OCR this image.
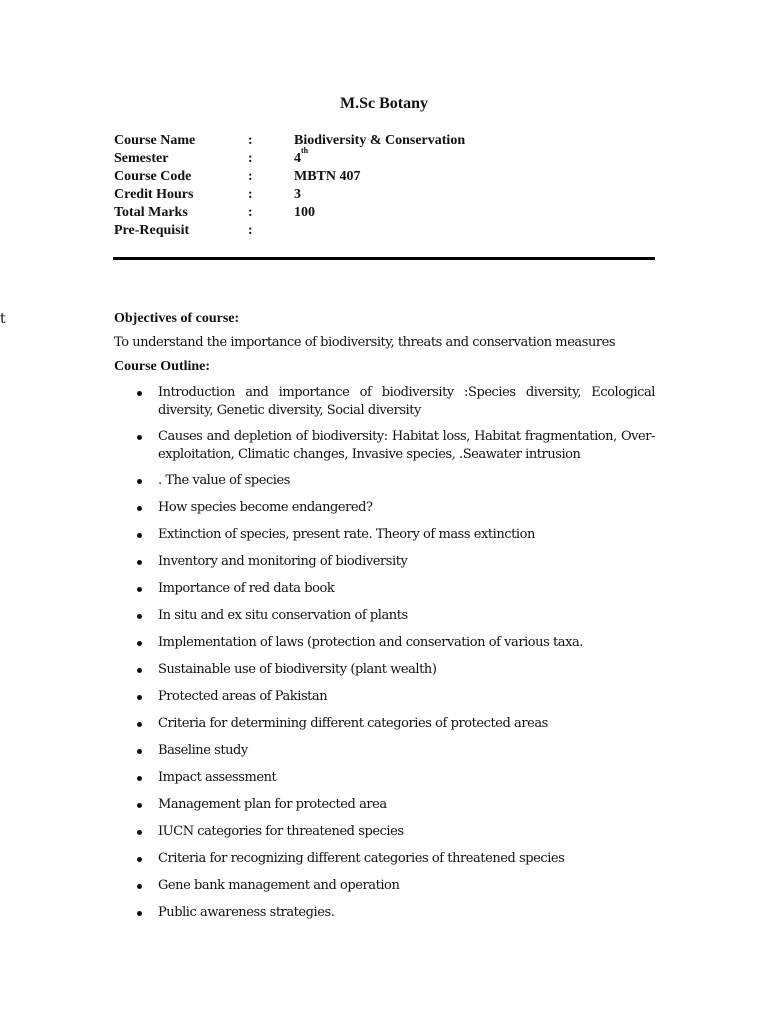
t
M.Sc Botany
Course Name	:	Biodiversity & Conservation
Semester	:	4th
Course Code	:	MBTN 407
Credit Hours	:	3
Total Marks	:	100
Pre-Requisit	:
Objectives of course:
To understand the importance of biodiversity, threats and conservation measures
Course Outline:
Introduction and importance of biodiversity :Species diversity, Ecological diversity, Genetic diversity, Social diversity
Causes and depletion of biodiversity: Habitat loss, Habitat fragmentation, Over-exploitation, Climatic changes, Invasive species, .Seawater intrusion
. The value of species
How species become endangered?
Extinction of species, present rate. Theory of mass extinction
Inventory and monitoring of biodiversity
Importance of red data book
In situ and ex situ conservation of plants
Implementation of laws (protection and conservation of various taxa.
Sustainable use of biodiversity (plant wealth)
Protected areas of Pakistan
Criteria for determining different categories of protected areas
Baseline study
Impact assessment
Management plan for protected area
IUCN categories for threatened species
Criteria for recognizing different categories of threatened species
Gene bank management and operation
Public awareness strategies.
